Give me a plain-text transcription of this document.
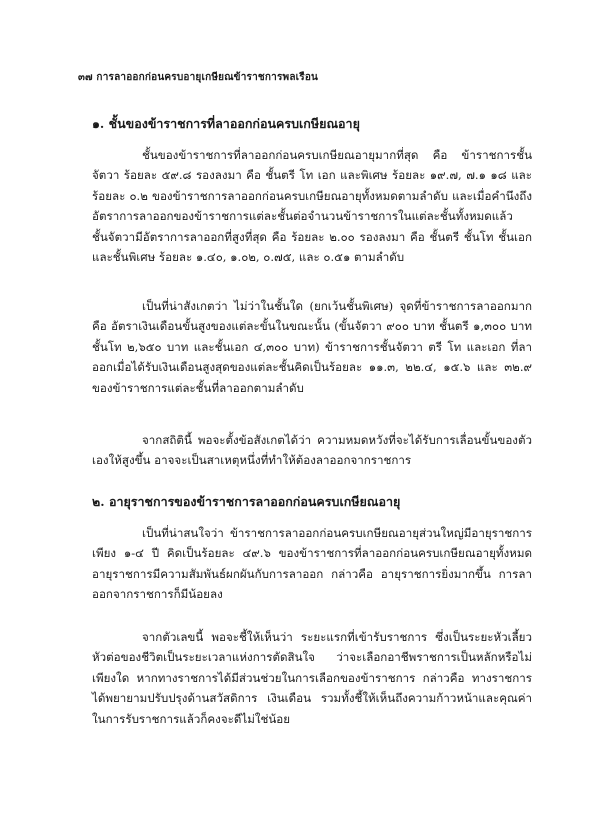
๓๗ การลาออกก่อนครบอายุเกษียณข้าราชการพลเรือน
๑. ชั้นของข้าราชการที่ลาออกก่อนครบเกษียณอายุ

ชั้นของข้าราชการที่ลาออกก่อนครบเกษียณอายุมากที่สุด คือ ข้าราชการชั้นจัตวา ร้อยละ ๕๙.๘ รองลงมา คือ ชั้นตรี โท เอก และพิเศษ ร้อยละ ๑๙.๗, ๗.๑ ๑๘ และ ร้อยละ ๐.๒ ของข้าราชการลาออกก่อนครบเกษียณอายุทั้งหมดตามลำดับ และเมื่อคำนึงถึงอัตราการลาออกของข้าราชการแต่ละชั้นต่อจำนวนข้าราชการในแต่ละชั้นทั้งหมดแล้ว ชั้นจัตวามีอัตราการลาออกที่สูงที่สุด คือ ร้อยละ ๒.๐๐ รองลงมา คือ ชั้นตรี ชั้นโท ชั้นเอก และชั้นพิเศษ ร้อยละ ๑.๔๐, ๑.๐๒, ๐.๗๕, และ ๐.๕๑ ตามลำดับ

เป็นที่น่าสังเกตว่า ไม่ว่าในชั้นใด (ยกเว้นชั้นพิเศษ) จุดที่ข้าราชการลาออกมาก คือ อัตราเงินเดือนขั้นสูงของแต่ละขั้นในขณะนั้น (ขั้นจัตวา ๙๐๐ บาท ชั้นตรี ๑,๓๐๐ บาท ชั้นโท ๒,๖๕๐ บาท และชั้นเอก ๔,๓๐๐ บาท) ข้าราชการชั้นจัตวา ตรี โท และเอก ที่ลาออกเมื่อได้รับเงินเดือนสูงสุดของแต่ละชั้นคิดเป็นร้อยละ ๑๑.๓, ๒๒.๔, ๑๕.๖ และ ๓๒.๙ ของข้าราชการแต่ละชั้นที่ลาออกตามลำดับ

จากสถิตินี้ พอจะตั้งข้อสังเกตได้ว่า ความหมดหวังที่จะได้รับการเลื่อนขั้นของตัวเองให้สูงขึ้น อาจจะเป็นสาเหตุหนึ่งที่ทำให้ต้องลาออกจากราชการ

๒. อายุราชการของข้าราชการลาออกก่อนครบเกษียณอายุ

เป็นที่น่าสนใจว่า ข้าราชการลาออกก่อนครบเกษียณอายุส่วนใหญ่มีอายุราชการเพียง ๑-๔ ปี คิดเป็นร้อยละ ๔๙.๖ ของข้าราชการที่ลาออกก่อนครบเกษียณอายุทั้งหมด อายุราชการมีความสัมพันธ์ผกผันกับการลาออก กล่าวคือ อายุราชการยิ่งมากขึ้น การลาออกจากราชการก็มีน้อยลง

จากตัวเลขนี้ พอจะชี้ให้เห็นว่า ระยะแรกที่เข้ารับราชการ ซึ่งเป็นระยะหัวเลี้ยวหัวต่อของชีวิตเป็นระยะเวลาแห่งการตัดสินใจ ว่าจะเลือกอาชีพราชการเป็นหลักหรือไม่ เพียงใด หากทางราชการได้มีส่วนช่วยในการเลือกของข้าราชการ กล่าวคือ ทางราชการได้พยายามปรับปรุงด้านสวัสดิการ เงินเดือน รวมทั้งชี้ให้เห็นถึงความก้าวหน้าและคุณค่าในการรับราชการแล้วก็คงจะดีไม่ใช่น้อย
